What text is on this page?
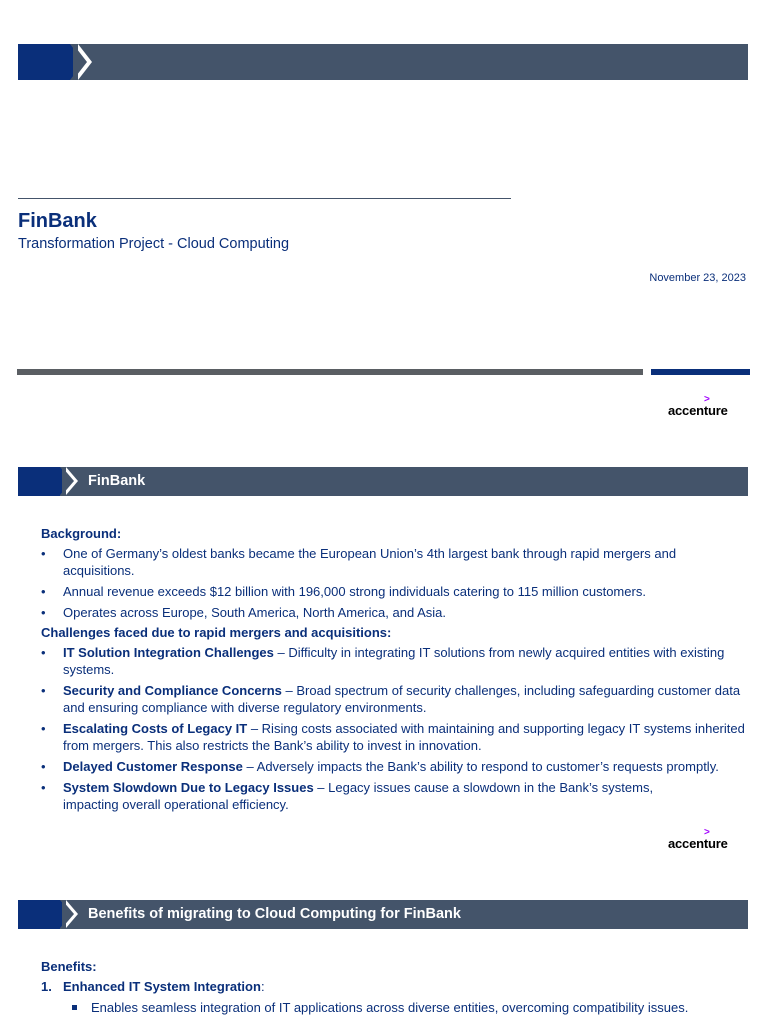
FinBank
Transformation Project - Cloud Computing
November 23, 2023
>
accenture
FinBank
Background:
• One of Germany’s oldest banks became the European Union’s 4th largest bank through rapid mergers and acquisitions.
• Annual revenue exceeds $12 billion with 196,000 strong individuals catering to 115 million customers.
• Operates across Europe, South America, North America, and Asia.
Challenges faced due to rapid mergers and acquisitions:
• IT Solution Integration Challenges – Difficulty in integrating IT solutions from newly acquired entities with existing systems.
• Security and Compliance Concerns – Broad spectrum of security challenges, including safeguarding customer data and ensuring compliance with diverse regulatory environments.
• Escalating Costs of Legacy IT – Rising costs associated with maintaining and supporting legacy IT systems inherited from mergers. This also restricts the Bank’s ability to invest in innovation.
• Delayed Customer Response – Adversely impacts the Bank’s ability to respond to customer’s requests promptly.
• System Slowdown Due to Legacy Issues – Legacy issues cause a slowdown in the Bank’s systems, impacting overall operational efficiency.
>
accenture
Benefits of migrating to Cloud Computing for FinBank
Benefits:
1. Enhanced IT System Integration:
Enables seamless integration of IT applications across diverse entities, overcoming compatibility issues.
